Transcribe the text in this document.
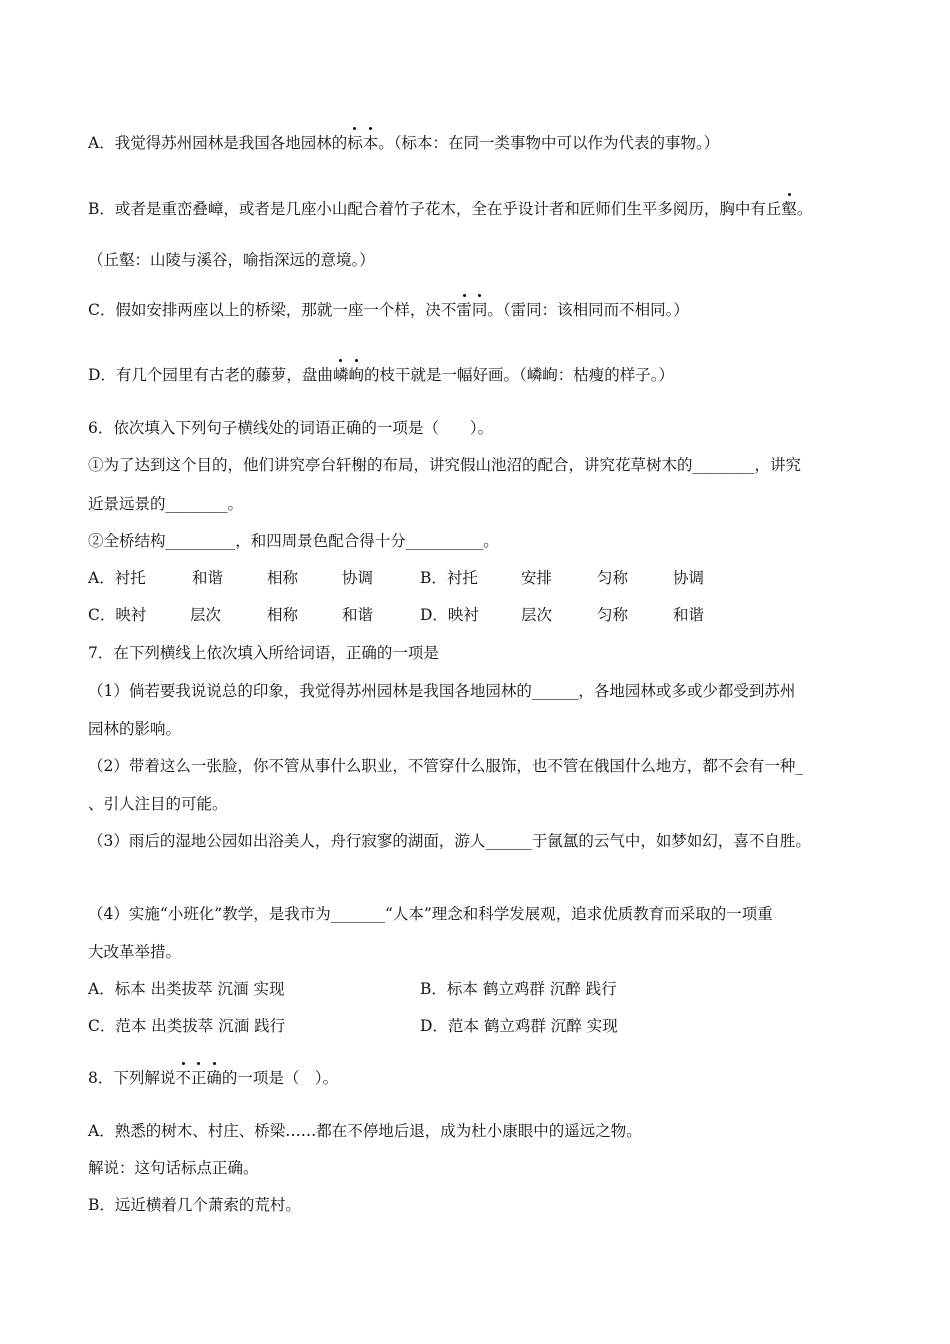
A．我觉得苏州园林是我国各地园林的标本。（标本：在同一类事物中可以作为代表的事物。）
B．或者是重峦叠嶂，或者是几座小山配合着竹子花木，全在乎设计者和匠师们生平多阅历，胸中有丘壑。
（丘壑：山陵与溪谷，喻指深远的意境。）
C．假如安排两座以上的桥梁，那就一座一个样，决不雷同。（雷同：该相同而不相同。）
D．有几个园里有古老的藤萝，盘曲嶙峋的枝干就是一幅好画。（嶙峋：枯瘦的样子。）
6．依次填入下列句子横线处的词语正确的一项是（　　）。
①为了达到这个目的，他们讲究亭台轩榭的布局，讲究假山池沼的配合，讲究花草树木的________，讲究
近景远景的________。
②全桥结构_________，和四周景色配合得十分__________。
A．衬托	和谐	相称	协调	B．衬托	安排	匀称	协调
C．映衬	层次	相称	和谐	D．映衬	层次	匀称	和谐
7．在下列横线上依次填入所给词语，正确的一项是
（1）倘若要我说说总的印象，我觉得苏州园林是我国各地园林的______，各地园林或多或少都受到苏州
园林的影响。
（2）带着这么一张脸，你不管从事什么职业，不管穿什么服饰，也不管在俄国什么地方，都不会有一种_
、引人注目的可能。
（3）雨后的湿地公园如出浴美人，舟行寂寥的湖面，游人______于氤氲的云气中，如梦如幻，喜不自胜。
（4）实施“小班化”教学，是我市为_______“人本”理念和科学发展观，追求优质教育而采取的一项重
大改革举措。
A．标本 出类拔萃 沉湎 实现	B．标本 鹤立鸡群 沉醉 践行
C．范本 出类拔萃 沉湎 践行	D．范本 鹤立鸡群 沉醉 实现
8．下列解说不正确的一项是（　）。
A．熟悉的树木、村庄、桥梁……都在不停地后退，成为杜小康眼中的遥远之物。
解说：这句话标点正确。
B．远近横着几个萧索的荒村。
